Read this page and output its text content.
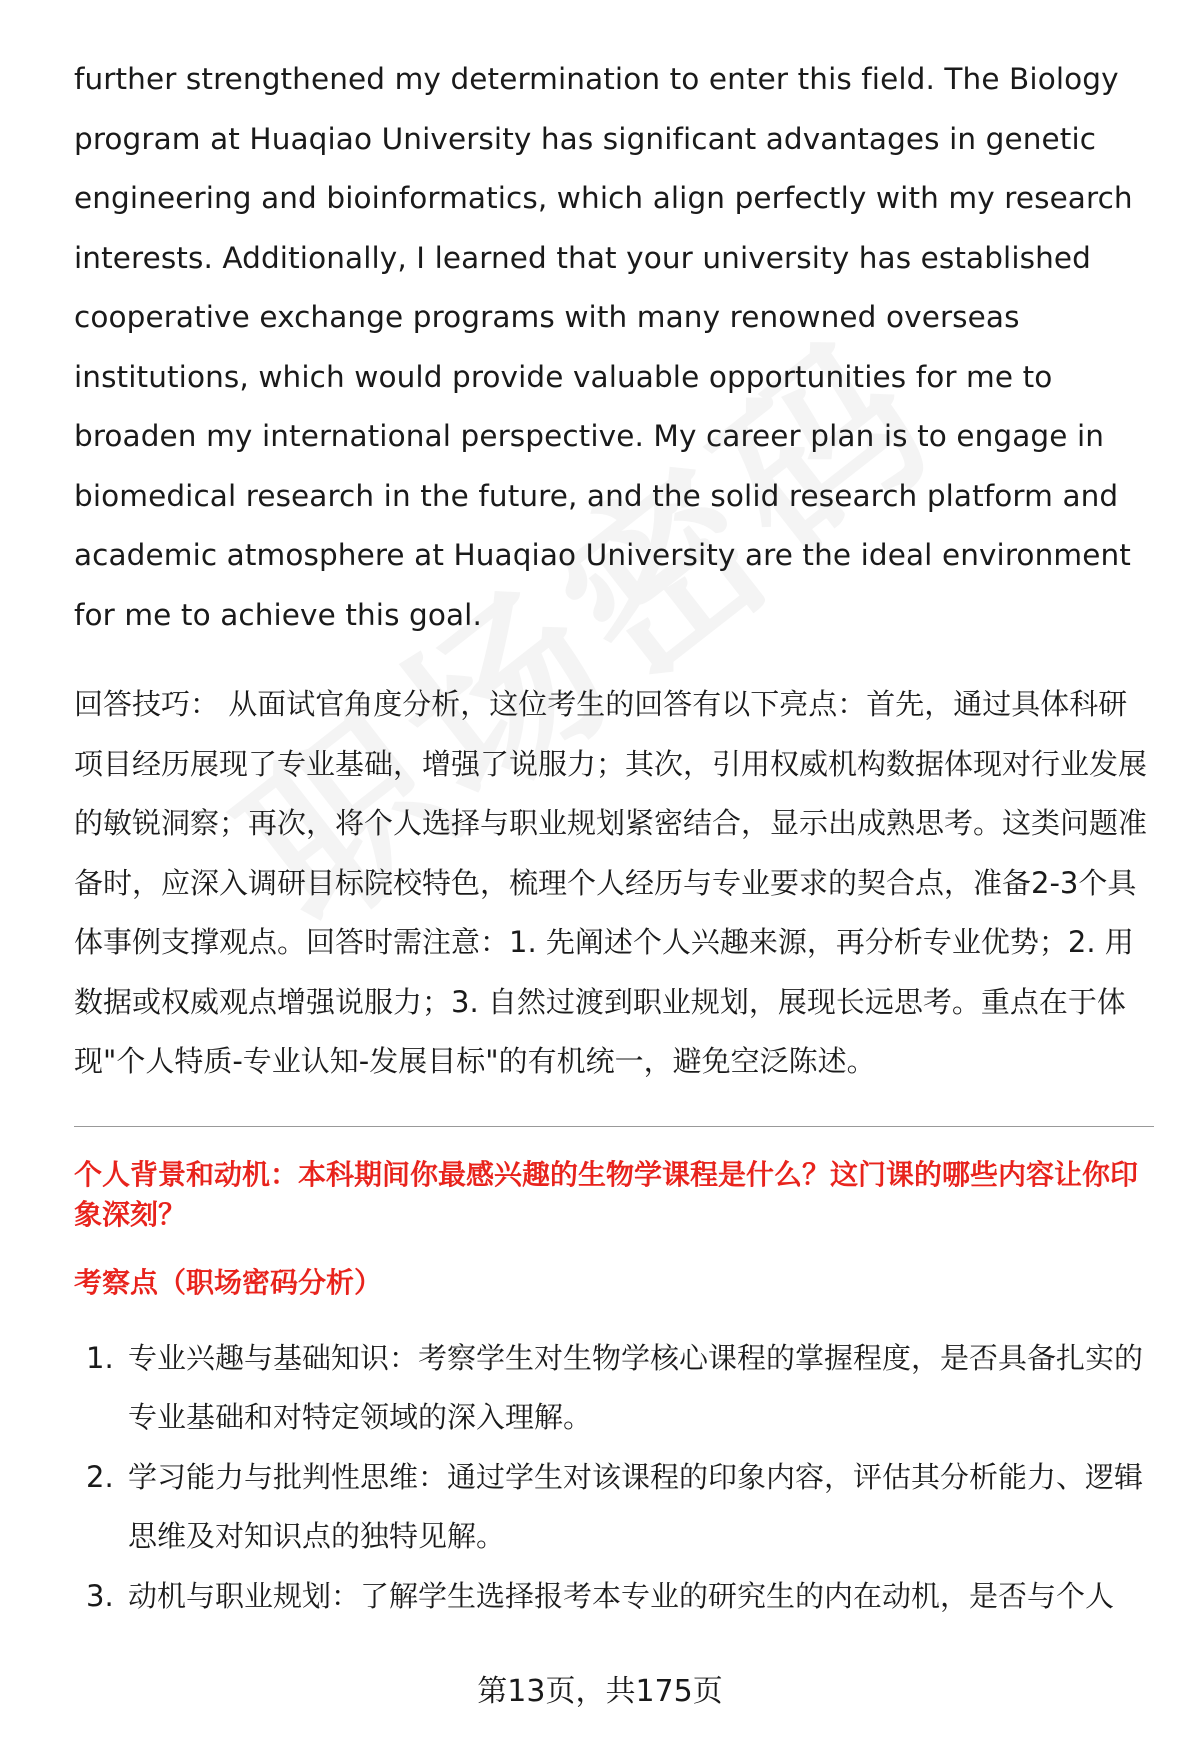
further strengthened my determination to enter this field. The Biology program at Huaqiao University has significant advantages in genetic engineering and bioinformatics, which align perfectly with my research interests. Additionally, I learned that your university has established cooperative exchange programs with many renowned overseas institutions, which would provide valuable opportunities for me to broaden my international perspective. My career plan is to engage in biomedical research in the future, and the solid research platform and academic atmosphere at Huaqiao University are the ideal environment for me to achieve this goal.

回答技巧： 从面试官角度分析，这位考生的回答有以下亮点：首先，通过具体科研项目经历展现了专业基础，增强了说服力；其次，引用权威机构数据体现对行业发展的敏锐洞察；再次，将个人选择与职业规划紧密结合，显示出成熟思考。这类问题准备时，应深入调研目标院校特色，梳理个人经历与专业要求的契合点，准备2-3个具体事例支撑观点。回答时需注意：1. 先阐述个人兴趣来源，再分析专业优势；2. 用数据或权威观点增强说服力；3. 自然过渡到职业规划，展现长远思考。重点在于体现"个人特质-专业认知-发展目标"的有机统一，避免空泛陈述。

个人背景和动机：本科期间你最感兴趣的生物学课程是什么？这门课的哪些内容让你印象深刻？
考察点（职场密码分析）
1. 专业兴趣与基础知识：考察学生对生物学核心课程的掌握程度，是否具备扎实的专业基础和对特定领域的深入理解。
2. 学习能力与批判性思维：通过学生对该课程的印象内容，评估其分析能力、逻辑思维及对知识点的独特见解。
3. 动机与职业规划：了解学生选择报考本专业的研究生的内在动机，是否与个人
第13页，共175页
